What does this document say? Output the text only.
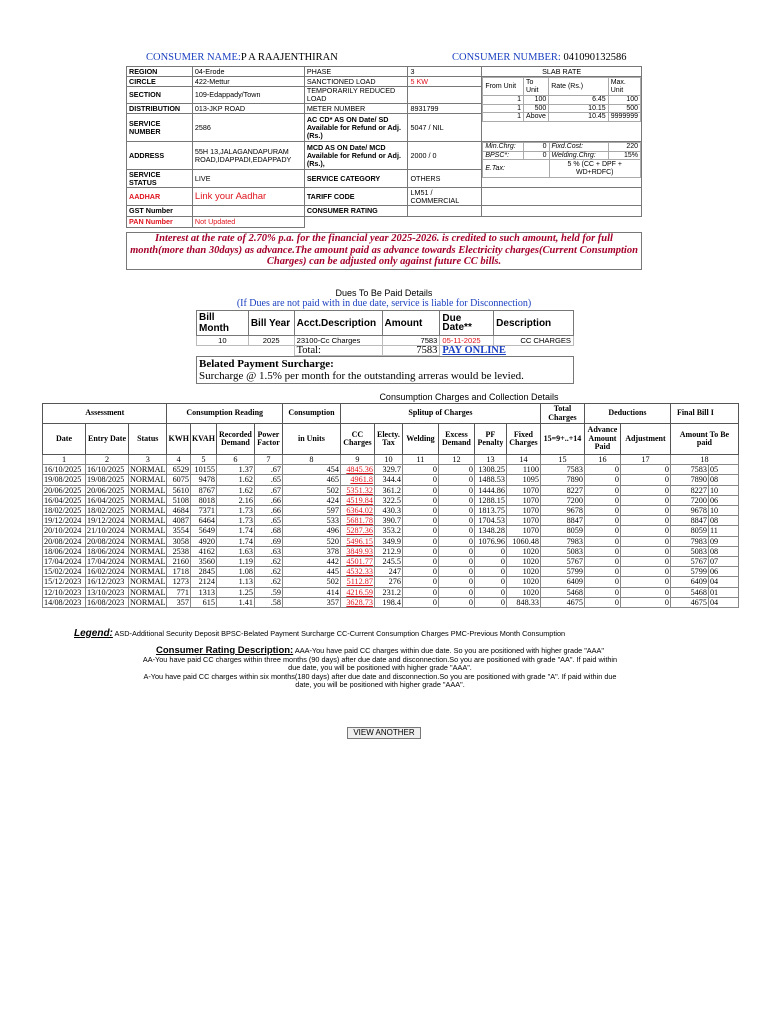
CONSUMER NAME:P A RAAJENTHIRAN	CONSUMER NUMBER: 041090132586
REGION	04-Erode	PHASE	3	SLAB RATE
CIRCLE	422-Mettur	SANCTIONED LOAD	5 KW	
From Unit	To Unit	Rate (Rs.)	Max. Unit
1	100	6.45	100
1	500	10.15	500
1	Above	10.45	9999999

SECTION	109-Edappady/Town	TEMPORARILY REDUCED LOAD	
DISTRIBUTION	013-JKP ROAD	METER NUMBER	8931799
SERVICE NUMBER	2586	AC CD* AS ON Date/ SD Available for Refund or Adj.(Rs.)	5047 / NIL
ADDRESS	55H 13,JALAGANDAPURAM ROAD,IDAPPADI,EDAPPADY	MCD AS ON Date/ MCD Available for Refund or Adj.(Rs.),	2000 / 0	
Min.Chrg:	0	Fixd.Cost:	220
BPSC*:	0	Welding.Chrg:	15%
E.Tax:	5 % (CC + DPF + WD+RDFC)

SERVICE STATUS	LIVE	SERVICE CATEGORY	OTHERS
AADHAR	Link your Aadhar	TARIFF CODE	LM51 / COMMERCIAL	
GST Number		CONSUMER RATING		
PAN Number	Not Updated	
Interest at the rate of 2.70% p.a. for the financial year 2025-2026. is credited to such amount, held for full month(more than 30days) as advance.The amount paid as advance towards Electricity charges(Current Consumption Charges) can be adjusted only against future CC bills.
Dues To Be Paid Details
(If Dues are not paid with in due date, service is liable for Disconnection)
Bill Month	Bill Year	Acct.Description	Amount	Due Date**	Description
10	2025	23100-Cc Charges	7583	05-11-2025	CC CHARGES
		Total:	7583	PAY ONLINE	
Belated Payment Surcharge:
Surcharge @ 1.5% per month for the outstanding arreras would be levied.
Consumption Charges and Collection Details
Assessment			Consumption Reading				Consumption	Splitup of Charges						Total Charges	Deductions		Final Bill I	
Date	Entry Date	Status	KWH	KVAH	Recorded Demand	Power Factor	in Units	CC Charges	Electy. Tax	Welding	Excess Demand	PF Penalty	Fixed Charges	15=9+..+14	Advance Amount Paid	Adjustment	Amount To Be paid	
1	2	3	4	5	6	7	8	9	10	11	12	13	14	15	16	17	18	
16/10/2025	16/10/2025	NORMAL	6529	10155	1.37	.67	454	4845.36	329.7	0	0	1308.25	1100	7583	0	0	7583	05
19/08/2025	19/08/2025	NORMAL	6075	9478	1.62	.65	465	4961.8	344.4	0	0	1488.53	1095	7890	0	0	7890	08
20/06/2025	20/06/2025	NORMAL	5610	8767	1.62	.67	502	5351.32	361.2	0	0	1444.86	1070	8227	0	0	8227	10
16/04/2025	16/04/2025	NORMAL	5108	8018	2.16	.66	424	4519.84	322.5	0	0	1288.15	1070	7200	0	0	7200	06
18/02/2025	18/02/2025	NORMAL	4684	7371	1.73	.66	597	6364.02	430.3	0	0	1813.75	1070	9678	0	0	9678	10
19/12/2024	19/12/2024	NORMAL	4087	6464	1.73	.65	533	5681.78	390.7	0	0	1704.53	1070	8847	0	0	8847	08
20/10/2024	21/10/2024	NORMAL	3554	5649	1.74	.68	496	5287.36	353.2	0	0	1348.28	1070	8059	0	0	8059	11
20/08/2024	20/08/2024	NORMAL	3058	4920	1.74	.69	520	5496.15	349.9	0	0	1076.96	1060.48	7983	0	0	7983	09
18/06/2024	18/06/2024	NORMAL	2538	4162	1.63	.63	378	3849.93	212.9	0	0	0	1020	5083	0	0	5083	08
17/04/2024	17/04/2024	NORMAL	2160	3560	1.19	.62	442	4501.77	245.5	0	0	0	1020	5767	0	0	5767	07
15/02/2024	16/02/2024	NORMAL	1718	2845	1.08	.62	445	4532.33	247	0	0	0	1020	5799	0	0	5799	06
15/12/2023	16/12/2023	NORMAL	1273	2124	1.13	.62	502	5112.87	276	0	0	0	1020	6409	0	0	6409	04
12/10/2023	13/10/2023	NORMAL	771	1313	1.25	.59	414	4216.59	231.2	0	0	0	1020	5468	0	0	5468	01
14/08/2023	16/08/2023	NORMAL	357	615	1.41	.58	357	3628.73	198.4	0	0	0	848.33	4675	0	0	4675	04
Legend: ASD-Additional Security Deposit BPSC-Belated Payment Surcharge CC-Current Consumption Charges PMC-Previous Month Consumption
Consumer Rating Description: AAA-You have paid CC charges within due date. So you are positioned with higher grade "AAA"
AA-You have paid CC charges within three months (90 days) after due date and disconnection.So you are positioned with grade "AA". If paid within due date, you will be positioned with higher grade "AAA".
A-You have paid CC charges within six months(180 days) after due date and disconnection.So you are positioned with grade "A". If paid within due date, you will be positioned with higher grade "AAA".
VIEW ANOTHER
